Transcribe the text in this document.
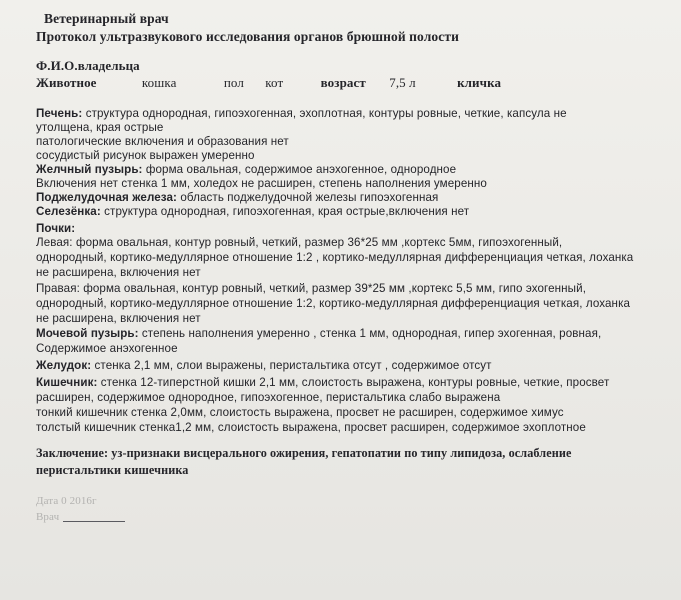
Ветеринарный врач
Протокол ультразвукового исследования органов брюшной полости
Ф.И.О.владельца
Животное	кошка	пол кот	возраст 7,5 л	кличка
Печень: структура однородная, гипоэхогенная, эхоплотная, контуры ровные, четкие, капсула не
утолщена, края острые
патологические включения и образования нет
сосудистый рисунок выражен умеренно
Желчный пузырь: форма овальная, содержимое анэхогенное, однородное
Включения нет стенка 1 мм, холедох не расширен, степень наполнения умеренно
Поджелудочная железа: область поджелудочной железы гипоэхогенная
Селезёнка: структура однородная, гипоэхогенная, края острые,включения нет
Почки:
Левая: форма овальная, контур ровный, четкий, размер 36*25 мм ,кортекс 5мм, гипоэхогенный,
однородный, кортико-медуллярное отношение 1:2 , кортико-медуллярная дифференциация четкая, лоханка
не расширена, включения нет
Правая: форма овальная, контур ровный, четкий, размер 39*25 мм ,кортекс 5,5 мм, гипо эхогенный,
однородный, кортико-медуллярное отношение 1:2, кортико-медуллярная дифференциация четкая, лоханка
не расширена, включения нет
Мочевой пузырь: степень наполнения умеренно , стенка 1 мм, однородная, гипер эхогенная, ровная,
Содержимое анэхогенное
Желудок: стенка 2,1 мм, слои выражены, перистальтика отсут , содержимое отсут
Кишечник: стенка 12-типерстной кишки 2,1 мм, слоистость выражена, контуры ровные, четкие, просвет
расширен, содержимое однородное, гипоэхогенное, перистальтика слабо выражена
тонкий кишечник стенка 2,0мм, слоистость выражена, просвет не расширен, содержимое химус
толстый кишечник стенка1,2 мм, слоистость выражена, просвет расширен, содержимое эхоплотное
Заключение: уз-признаки висцерального ожирения, гепатопатии по типу липидоза, ослабление
перистальтики кишечника
Дата 0 2016г
Врач
